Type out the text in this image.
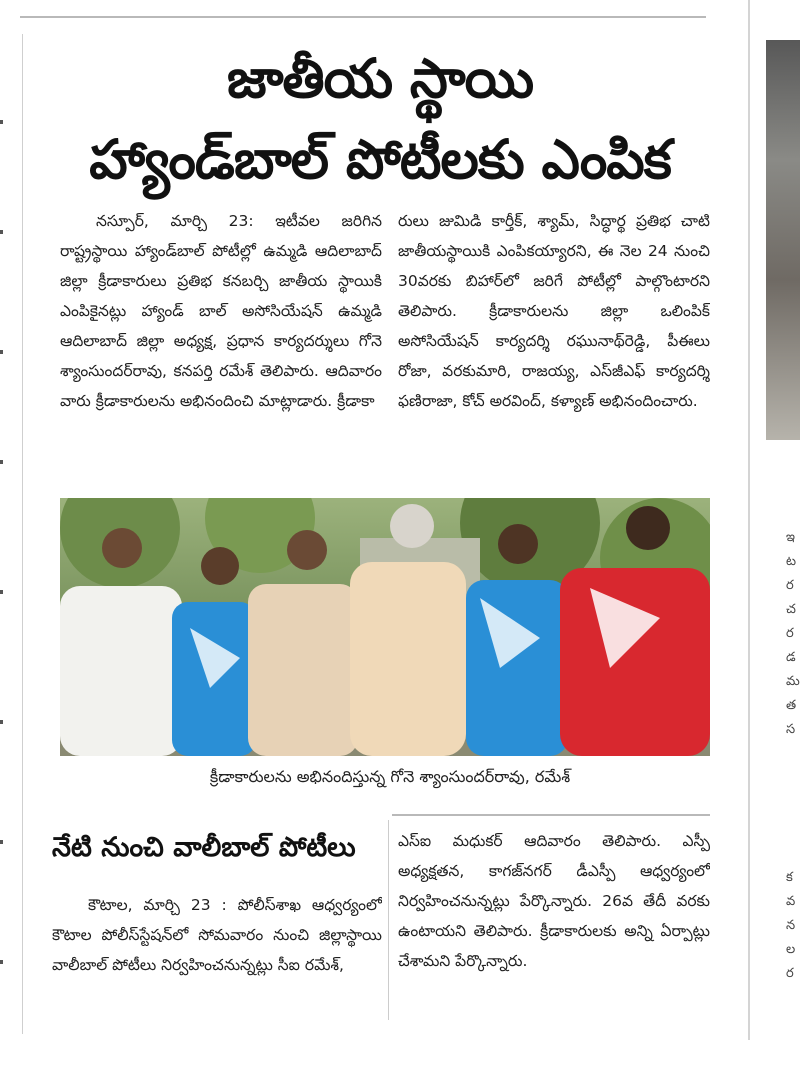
జాతీయ స్థాయి
హ్యాండ్‌బాల్ పోటీలకు ఎంపిక

నస్పూర్, మార్చి 23: ఇటీవల జరిగిన రాష్ట్రస్థాయి హ్యాండ్‌బాల్ పోటీల్లో ఉమ్మడి ఆదిలాబాద్ జిల్లా క్రీడాకారులు ప్రతిభ కనబర్చి జాతీయ స్థాయికి ఎంపికైనట్లు హ్యాండ్ బాల్ అసోసియేషన్ ఉమ్మడి ఆదిలాబాద్ జిల్లా అధ్యక్ష, ప్రధాన కార్యదర్శులు గోనె శ్యాంసుందర్‌రావు, కనపర్తి రమేశ్ తెలిపారు. ఆదివారం వారు క్రీడాకారులను అభినందించి మాట్లాడారు. క్రీడాకా

రులు జుమిడి కార్తీక్, శ్యామ్, సిద్ధార్థ ప్రతిభ చాటి జాతీయస్థాయికి ఎంపికయ్యారని, ఈ నెల 24 నుంచి 30వరకు బిహార్‌లో జరిగే పోటీల్లో పాల్గొంటారని తెలిపారు. క్రీడాకారులను జిల్లా ఒలింపిక్ అసోసియేషన్ కార్యదర్శి రఘునాథ్‌రెడ్డి, పీఈలు రోజా, వరకుమారి, రాజయ్య, ఎస్‌జీఎఫ్ కార్యదర్శి ఫణిరాజా, కోచ్ అరవింద్, కళ్యాణ్ అభినందించారు.

క్రీడాకారులను అభినందిస్తున్న గోనె శ్యాంసుందర్‌రావు, రమేశ్
నేటి నుంచి వాలీబాల్ పోటీలు

కౌటాల, మార్చి 23 : పోలీస్‌శాఖ ఆధ్వర్యంలో కౌటాల పోలీస్‌స్టేషన్‌లో సోమవారం నుంచి జిల్లాస్థాయి వాలీబాల్ పోటీలు నిర్వహించనున్నట్లు సీఐ రమేశ్,

ఎస్ఐ మధుకర్ ఆదివారం తెలిపారు. ఎస్పీ అధ్యక్షతన, కాగజ్‌నగర్ డీఎస్పీ ఆధ్వర్యంలో నిర్వహించనున్నట్లు పేర్కొన్నారు. 26వ తేదీ వరకు ఉంటాయని తెలిపారు. క్రీడాకారులకు అన్ని ఏర్పాట్లు చేశామని పేర్కొన్నారు.

ఇ
ట
ర
చ
ర
డ
మ
త
స
క
వ
న
ల
ర
